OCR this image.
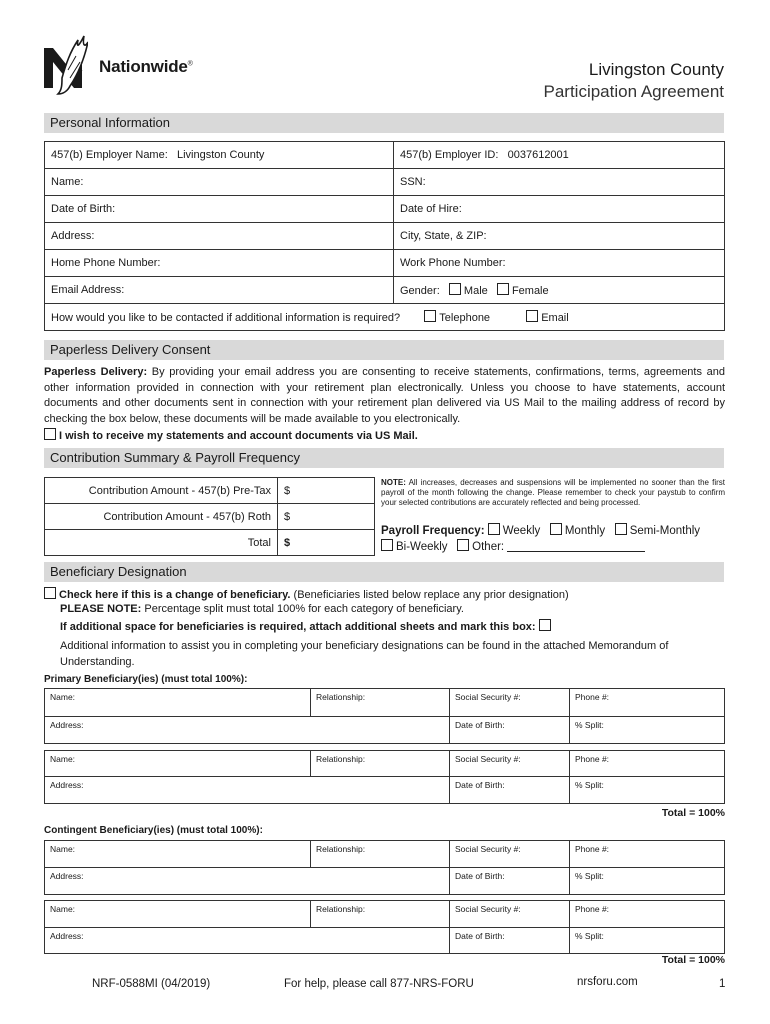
Nationwide®	Livingston County
Participation Agreement
Personal Information
457(b) Employer Name: Livingston County	457(b) Employer ID: 0037612001
Name:	SSN:
Date of Birth:	Date of Hire:
Address:	City, State, & ZIP:
Home Phone Number:	Work Phone Number:
Email Address:	Gender: Male Female
How would you like to be contacted if additional information is required? Telephone Email	
Paperless Delivery Consent
Paperless Delivery: By providing your email address you are consenting to receive statements, confirmations, terms, agreements and other information provided in connection with your retirement plan electronically. Unless you choose to have statements, account documents and other documents sent in connection with your retirement plan delivered via US Mail to the mailing address of record by checking the box below, these documents will be made available to you electronically.
I wish to receive my statements and account documents via US Mail.
Contribution Summary & Payroll Frequency
Contribution Amount - 457(b) Pre-Tax	$
Contribution Amount - 457(b) Roth	$
Total	$
NOTE: All increases, decreases and suspensions will be implemented no sooner than the first payroll of the month following the change. Please remember to check your paystub to confirm your selected contributions are accurately reflected and being processed.
Payroll Frequency: Weekly Monthly Semi-Monthly
Bi-Weekly Other:
Beneficiary Designation
Check here if this is a change of beneficiary. (Beneficiaries listed below replace any prior designation)
PLEASE NOTE: Percentage split must total 100% for each category of beneficiary.
If additional space for beneficiaries is required, attach additional sheets and mark this box:
Additional information to assist you in completing your beneficiary designations can be found in the attached Memorandum of Understanding.
Primary Beneficiary(ies) (must total 100%):
Name:	Relationship:	Social Security #:	Phone #:
Address:		Date of Birth:	% Split:
Name:	Relationship:	Social Security #:	Phone #:
Address:		Date of Birth:	% Split:
Total = 100%
Contingent Beneficiary(ies) (must total 100%):
Name:	Relationship:	Social Security #:	Phone #:
Address:		Date of Birth:	% Split:
Name:	Relationship:	Social Security #:	Phone #:
Address:		Date of Birth:	% Split:
Total = 100%
NRF-0588MI (04/2019)	For help, please call 877-NRS-FORU	nrsforu.com	1
